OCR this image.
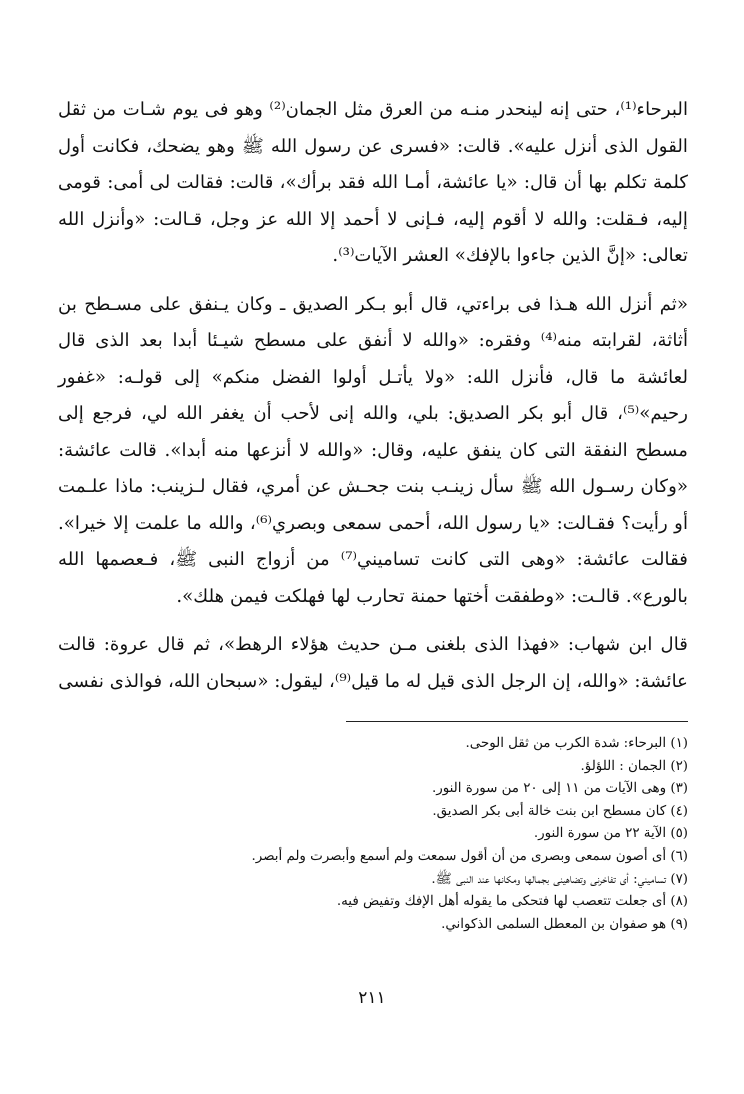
البرحاء⁽¹⁾، حتى إنه لينحدر منـه من العرق مثل الجمان⁽²⁾ وهو فى يوم شـات من ثقل القول الذى أنزل عليه». قالت: «فسرى عن رسول الله ﷺ وهو يضحك، فكانت أول كلمة تكلم بها أن قال: «يا عائشة، أمـا الله فقد برأك»، قالت: فقالت لى أمى: قومى إليه، فـقلت: والله لا أقوم إليه، فـإنى لا أحمد إلا الله عز وجل، قـالت: «وأنزل الله تعالى: «إنَّ الذين جاءوا بالإفك» العشر الآيات⁽³⁾.

«ثم أنزل الله هـذا فى براءتي، قال أبو بـكر الصديق ـ وكان يـنفق على مسـطح بن أثاثة، لقرابته منه⁽⁴⁾ وفقره: «والله لا أنفق على مسطح شيـئا أبدا بعد الذى قال لعائشة ما قال، فأنزل الله: «ولا يأتـل أولوا الفضل منكم» إلى قولـه: «غفور رحيم»⁽⁵⁾، قال أبو بكر الصديق: بلي، والله إنى لأحب أن يغفر الله لي، فرجع إلى مسطح النفقة التى كان ينفق عليه، وقال: «والله لا أنزعها منه أبدا». قالت عائشة: «وكان رسـول الله ﷺ سأل زينـب بنت جحـش عن أمري، فقال لـزينب: ماذا علـمت أو رأيت؟ فقـالت: «يا رسول الله، أحمى سمعى وبصري⁽⁶⁾، والله ما علمت إلا خيرا». فقالت عائشة: «وهى التى كانت تساميني⁽⁷⁾ من أزواج النبى ﷺ، فـعصمها الله بالورع». قالـت: «وطفقت أختها حمنة تحارب لها فهلكت فيمن هلك».

قال ابن شهاب: «فهذا الذى بلغنى مـن حديث هؤلاء الرهط»، ثم قال عروة: قالت عائشة: «والله، إن الرجل الذى قيل له ما قيل⁽⁹⁾، ليقول: «سبحان الله، فوالذى نفسى

(١) البرحاء: شدة الكرب من ثقل الوحى.
(٢) الجمان : اللؤلؤ.
(٣) وهى الآيات من ١١ إلى ٢٠ من سورة النور.
(٤) كان مسطح ابن بنت خالة أبى بكر الصديق.
(٥) الآية ٢٢ من سورة النور.
(٦) أى أصون سمعى وبصرى من أن أقول سمعت ولم أسمع وأبصرت ولم أبصر.
(٧) تساميني: أى تفاخرنى وتضاهينى بجمالها ومكانها عند النبى ﷺ.
(٨) أى جعلت تتعصب لها فتحكى ما يقوله أهل الإفك وتفيض فيه.
(٩) هو صفوان بن المعطل السلمى الذكواني.
٢١١
